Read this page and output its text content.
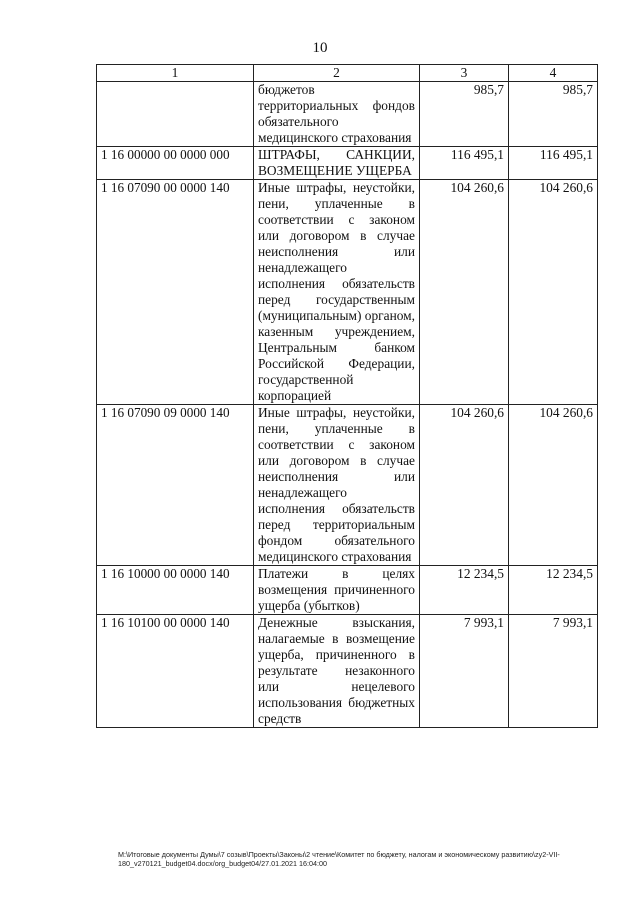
10
1	2	3	4
	бюджетов территориальных фондов обязательного медицинского страхования	985,7	985,7
1 16 00000 00 0000 000	ШТРАФЫ, САНКЦИИ, ВОЗМЕЩЕНИЕ УЩЕРБА	116 495,1	116 495,1
1 16 07090 00 0000 140	Иные штрафы, неустойки, пени, уплаченные в соответствии с законом или договором в случае неисполнения или ненадлежащего исполнения обязательств перед государственным (муниципальным) органом, казенным учреждением, Центральным банком Российской Федерации, государственной корпорацией	104 260,6	104 260,6
1 16 07090 09 0000 140	Иные штрафы, неустойки, пени, уплаченные в соответствии с законом или договором в случае неисполнения или ненадлежащего исполнения обязательств перед территориальным фондом обязательного медицинского страхования	104 260,6	104 260,6
1 16 10000 00 0000 140	Платежи в целях возмещения причиненного ущерба (убытков)	12 234,5	12 234,5
1 16 10100 00 0000 140	Денежные взыскания, налагаемые в возмещение ущерба, причиненного в результате незаконного или нецелевого использования бюджетных средств	7 993,1	7 993,1
M:\Итоговые документы Думы\7 созыв\Проекты\Законы\2 чтение\Комитет по бюджету, налогам и экономическому развитию\zy2-VII-180_v270121_budget04.docx/org_budget04/27.01.2021 16:04:00
